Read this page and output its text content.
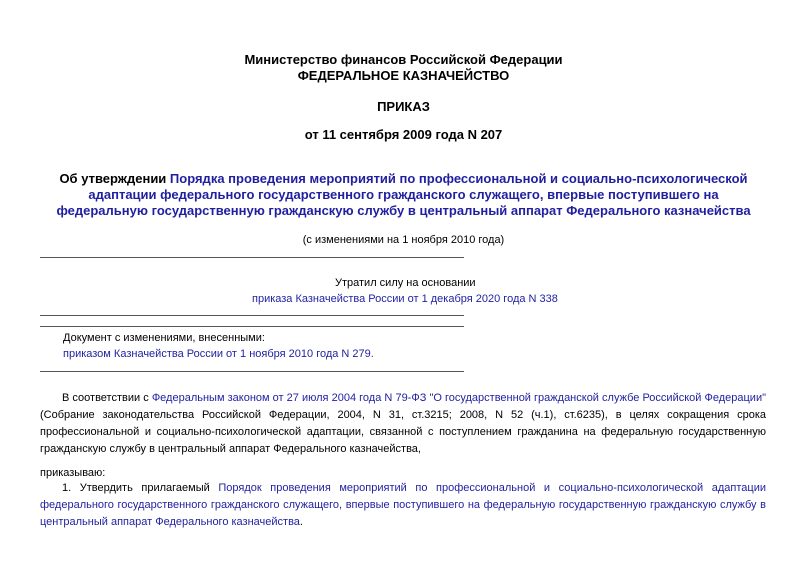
Министерство финансов Российской Федерации
ФЕДЕРАЛЬНОЕ КАЗНАЧЕЙСТВО
ПРИКАЗ
от 11 сентября 2009 года N 207
Об утверждении Порядка проведения мероприятий по профессиональной и социально-психологической
адаптации федерального государственного гражданского служащего, впервые поступившего на
федеральную государственную гражданскую службу в центральный аппарат Федерального казначейства
(с изменениями на 1 ноября 2010 года)
Утратил силу на основании
приказа Казначейства России от 1 декабря 2020 года N 338
Документ с изменениями, внесенными:
приказом Казначейства России от 1 ноября 2010 года N 279.
В соответствии с Федеральным законом от 27 июля 2004 года N 79-ФЗ "О государственной гражданской службе Российской Федерации" (Собрание законодательства Российской Федерации, 2004, N 31, ст.3215; 2008, N 52 (ч.1), ст.6235), в целях сокращения срока профессиональной и социально-психологической адаптации, связанной с поступлением гражданина на федеральную государственную гражданскую службу в центральный аппарат Федерального казначейства,
приказываю:
1. Утвердить прилагаемый Порядок проведения мероприятий по профессиональной и социально-психологической адаптации федерального государственного гражданского служащего, впервые поступившего на федеральную государственную гражданскую службу в центральный аппарат Федерального казначейства.
